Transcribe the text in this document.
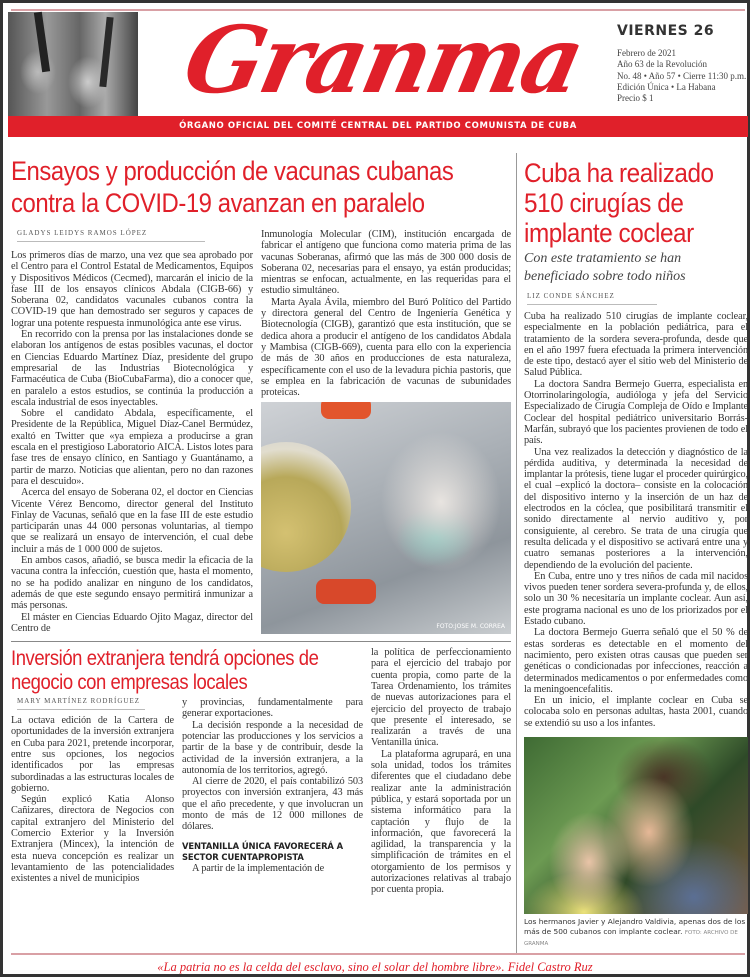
Granma VIERNES 26
Febrero de 2021
Año 63 de la Revolución
No. 48 • Año 57 • Cierre 11:30 p.m.
Edición Única • La Habana
Precio $ 1
ÓRGANO OFICIAL DEL COMITÉ CENTRAL DEL PARTIDO COMUNISTA DE CUBA
Ensayos y producción de vacunas cubanas contra la COVID-19 avanzan en paralelo
GLADYS LEIDYS RAMOS LÓPEZ

Los primeros días de marzo, una vez que sea aprobado por el Centro para el Control Estatal de Medicamentos, Equipos y Dispositivos Médicos (Cecmed), marcarán el inicio de la fase III de los ensayos clínicos Abdala (CIGB-66) y Soberana 02, candidatos vacunales cubanos contra la COVID-19 que han demostrado ser seguros y capaces de lograr una potente respuesta inmunológica ante ese virus.

En recorrido con la prensa por las instalaciones donde se elaboran los antígenos de estas posibles vacunas, el doctor en Ciencias Eduardo Martínez Díaz, presidente del grupo empresarial de las Industrias Biotecnológica y Farmacéutica de Cuba (BioCubaFarma), dio a conocer que, en paralelo a estos estudios, se continúa la producción a escala industrial de esos inyectables.

Sobre el candidato Abdala, específicamente, el Presidente de la República, Miguel Díaz-Canel Bermúdez, exaltó en Twitter que «ya empieza a producirse a gran escala en el prestigioso Laboratorio AICA. Listos lotes para fase tres de ensayo clínico, en Santiago y Guantánamo, a partir de marzo. Noticias que alientan, pero no dan razones para el descuido».

Acerca del ensayo de Soberana 02, el doctor en Ciencias Vicente Vérez Bencomo, director general del Instituto Finlay de Vacunas, señaló que en la fase III de este estudio participarán unas 44 000 personas voluntarias, al tiempo que se realizará un ensayo de intervención, el cual debe incluir a más de 1 000 000 de sujetos.

En ambos casos, añadió, se busca medir la eficacia de la vacuna contra la infección, cuestión que, hasta el momento, no se ha podido analizar en ninguno de los candidatos, además de que este segundo ensayo permitirá inmunizar a más personas.

El máster en Ciencias Eduardo Ojito Magaz, director del Centro de

Inmunología Molecular (CIM), institución encargada de fabricar el antígeno que funciona como materia prima de las vacunas Soberanas, afirmó que las más de 300 000 dosis de Soberana 02, necesarias para el ensayo, ya están producidas; mientras se enfocan, actualmente, en las requeridas para el estudio simultáneo.

Marta Ayala Ávila, miembro del Buró Político del Partido y directora general del Centro de Ingeniería Genética y Biotecnología (CIGB), garantizó que esta institución, que se dedica ahora a producir el antígeno de los candidatos Abdala y Mambisa (CIGB-669), cuenta para ello con la experiencia de más de 30 años en producciones de esta naturaleza, específicamente con el uso de la levadura pichia pastoris, que se emplea en la fabricación de vacunas de subunidades proteicas.

FOTO:JOSE M. CORREA
Inversión extranjera tendrá opciones de negocio con empresas locales
MARY MARTÍNEZ RODRÍGUEZ

La octava edición de la Cartera de oportunidades de la inversión extranjera en Cuba para 2021, pretende incorporar, entre sus opciones, los negocios identificados por las empresas subordinadas a las estructuras locales de gobierno.

Según explicó Katia Alonso Cañizares, directora de Negocios con capital extranjero del Ministerio del Comercio Exterior y la Inversión Extranjera (Mincex), la intención de esta nueva concepción es realizar un levantamiento de las potencialidades existentes a nivel de municipios

y provincias, fundamentalmente para generar exportaciones.

La decisión responde a la necesidad de potenciar las producciones y los servicios a partir de la base y de contribuir, desde la actividad de la inversión extranjera, a la autonomía de los territorios, agregó.

Al cierre de 2020, el país contabilizó 503 proyectos con inversión extranjera, 43 más que el año precedente, y que involucran un monto de más de 12 000 millones de dólares.

VENTANILLA ÚNICA FAVORECERÁ A SECTOR CUENTAPROPISTA

A partir de la implementación de

la política de perfeccionamiento para el ejercicio del trabajo por cuenta propia, como parte de la Tarea Ordenamiento, los trámites de nuevas autorizaciones para el ejercicio del proyecto de trabajo que presente el interesado, se realizarán a través de una Ventanilla única.

La plataforma agrupará, en una sola unidad, todos los trámites diferentes que el ciudadano debe realizar ante la administración pública, y estará soportada por un sistema informático para la captación y flujo de la información, que favorecerá la agilidad, la transparencia y la simplificación de trámites en el otorgamiento de los permisos y autorizaciones relativas al trabajo por cuenta propia.

Cuba ha realizado 510 cirugías de implante coclear
Con este tratamiento se han beneficiado sobre todo niños
LIZ CONDE SÁNCHEZ

Cuba ha realizado 510 cirugías de implante coclear, especialmente en la población pediátrica, para el tratamiento de la sordera severa-profunda, desde que en el año 1997 fuera efectuada la primera intervención de este tipo, destacó ayer el sitio web del Ministerio de Salud Pública.

La doctora Sandra Bermejo Guerra, especialista en Otorrinolaringología, audióloga y jefa del Servicio Especializado de Cirugía Compleja de Oído e Implante Coclear del hospital pediátrico universitario Borrás-Marfán, subrayó que los pacientes provienen de todo el país.

Una vez realizados la detección y diagnóstico de la pérdida auditiva, y determinada la necesidad de implantar la prótesis, tiene lugar el proceder quirúrgico, el cual –explicó la doctora– consiste en la colocación del dispositivo interno y la inserción de un haz de electrodos en la cóclea, que posibilitará transmitir el sonido directamente al nervio auditivo y, por consiguiente, al cerebro. Se trata de una cirugía que resulta delicada y el dispositivo se activará entre una y cuatro semanas posteriores a la intervención, dependiendo de la evolución del paciente.

En Cuba, entre uno y tres niños de cada mil nacidos vivos pueden tener sordera severa-profunda y, de ellos, solo un 30 % necesitaría un implante coclear. Aun así, este programa nacional es uno de los priorizados por el Estado cubano.

La doctora Bermejo Guerra señaló que el 50 % de estas sorderas es detectable en el momento del nacimiento, pero existen otras causas que pueden ser genéticas o condicionadas por infecciones, reacción a determinados medicamentos o por enfermedades como la meningoencefalitis.

En un inicio, el implante coclear en Cuba se colocaba solo en personas adultas, hasta 2001, cuando se extendió su uso a los infantes.

Los hermanos Javier y Alejandro Valdivia, apenas dos de los más de 500 cubanos con implante coclear. FOTO: ARCHIVO DE GRANMA
«La patria no es la celda del esclavo, sino el solar del hombre libre». Fidel Castro Ruz
